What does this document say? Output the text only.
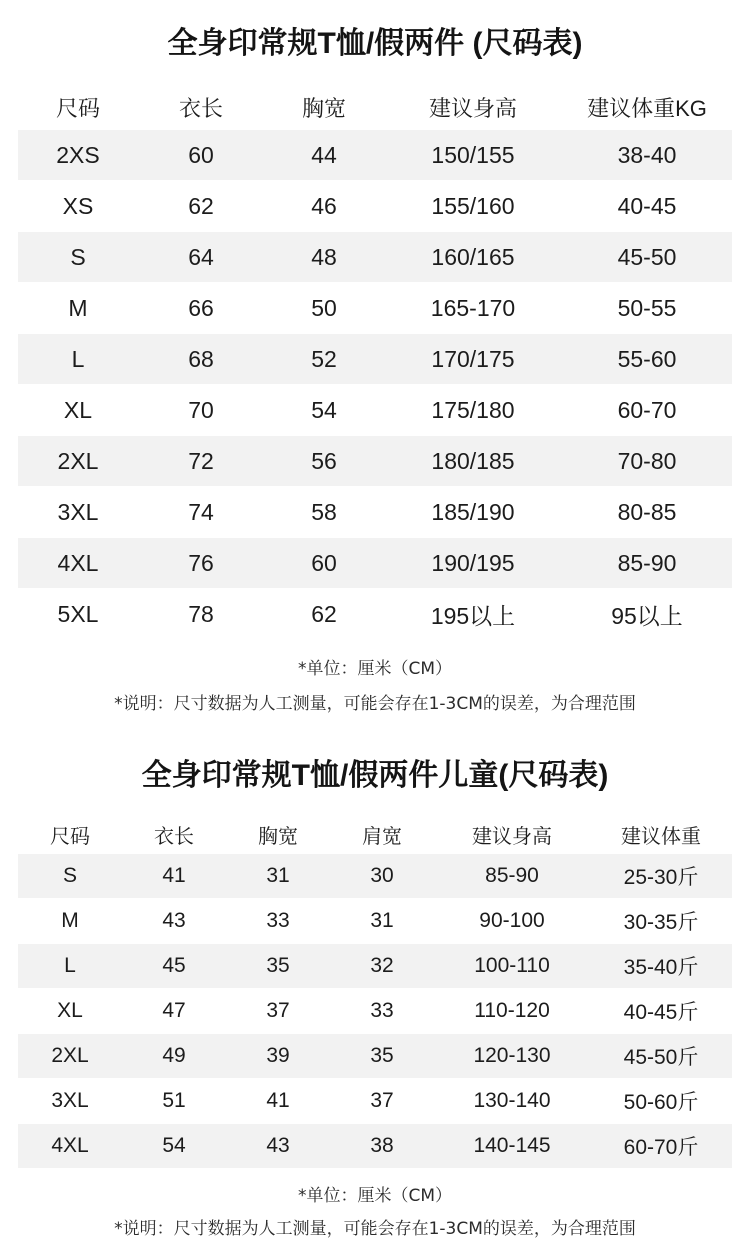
全身印常规T恤/假两件 (尺码表)
尺码	衣长	胸宽	建议身高	建议体重KG
2XS	60	44	150/155	38-40
XS	62	46	155/160	40-45
S	64	48	160/165	45-50
M	66	50	165-170	50-55
L	68	52	170/175	55-60
XL	70	54	175/180	60-70
2XL	72	56	180/185	70-80
3XL	74	58	185/190	80-85
4XL	76	60	190/195	85-90
5XL	78	62	195以上	95以上
*单位：厘米（CM）
*说明：尺寸数据为人工测量，可能会存在1-3CM的误差，为合理范围
全身印常规T恤/假两件儿童(尺码表)
尺码	衣长	胸宽	肩宽	建议身高	建议体重
S	41	31	30	85-90	25-30斤
M	43	33	31	90-100	30-35斤
L	45	35	32	100-110	35-40斤
XL	47	37	33	110-120	40-45斤
2XL	49	39	35	120-130	45-50斤
3XL	51	41	37	130-140	50-60斤
4XL	54	43	38	140-145	60-70斤
*单位：厘米（CM）
*说明：尺寸数据为人工测量，可能会存在1-3CM的误差，为合理范围
